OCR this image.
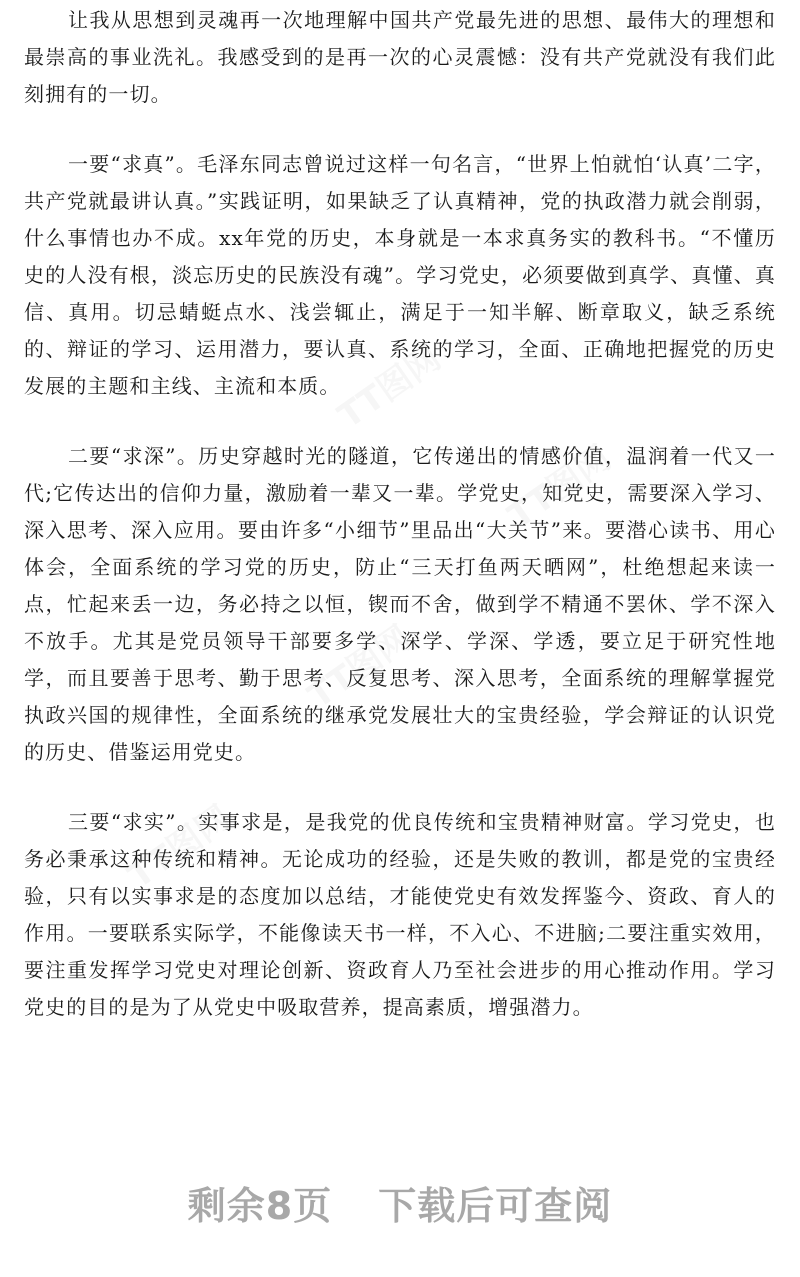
让我从思想到灵魂再一次地理解中国共产党最先进的思想、最伟大的理想和最崇高的事业洗礼。我感受到的是再一次的心灵震憾：没有共产党就没有我们此刻拥有的一切。

一要“求真”。毛泽东同志曾说过这样一句名言，“世界上怕就怕‘认真’二字，共产党就最讲认真。”实践证明，如果缺乏了认真精神，党的执政潜力就会削弱，什么事情也办不成。xx年党的历史，本身就是一本求真务实的教科书。“不懂历史的人没有根，淡忘历史的民族没有魂”。学习党史，必须要做到真学、真懂、真信、真用。切忌蜻蜓点水、浅尝辄止，满足于一知半解、断章取义，缺乏系统的、辩证的学习、运用潜力，要认真、系统的学习，全面、正确地把握党的历史发展的主题和主线、主流和本质。

二要“求深”。历史穿越时光的隧道，它传递出的情感价值，温润着一代又一代;它传达出的信仰力量，激励着一辈又一辈。学党史，知党史，需要深入学习、深入思考、深入应用。要由许多“小细节”里品出“大关节”来。要潜心读书、用心体会，全面系统的学习党的历史，防止“三天打鱼两天晒网”，杜绝想起来读一点，忙起来丢一边，务必持之以恒，锲而不舍，做到学不精通不罢休、学不深入不放手。尤其是党员领导干部要多学、深学、学深、学透，要立足于研究性地学，而且要善于思考、勤于思考、反复思考、深入思考，全面系统的理解掌握党执政兴国的规律性，全面系统的继承党发展壮大的宝贵经验，学会辩证的认识党的历史、借鉴运用党史。

三要“求实”。实事求是，是我党的优良传统和宝贵精神财富。学习党史，也务必秉承这种传统和精神。无论成功的经验，还是失败的教训，都是党的宝贵经验，只有以实事求是的态度加以总结，才能使党史有效发挥鉴今、资政、育人的作用。一要联系实际学，不能像读天书一样，不入心、不进脑;二要注重实效用，要注重发挥学习党史对理论创新、资政育人乃至社会进步的用心推动作用。学习党史的目的是为了从党史中吸取营养，提高素质，增强潜力。

剩余8页 下载后可查阅
